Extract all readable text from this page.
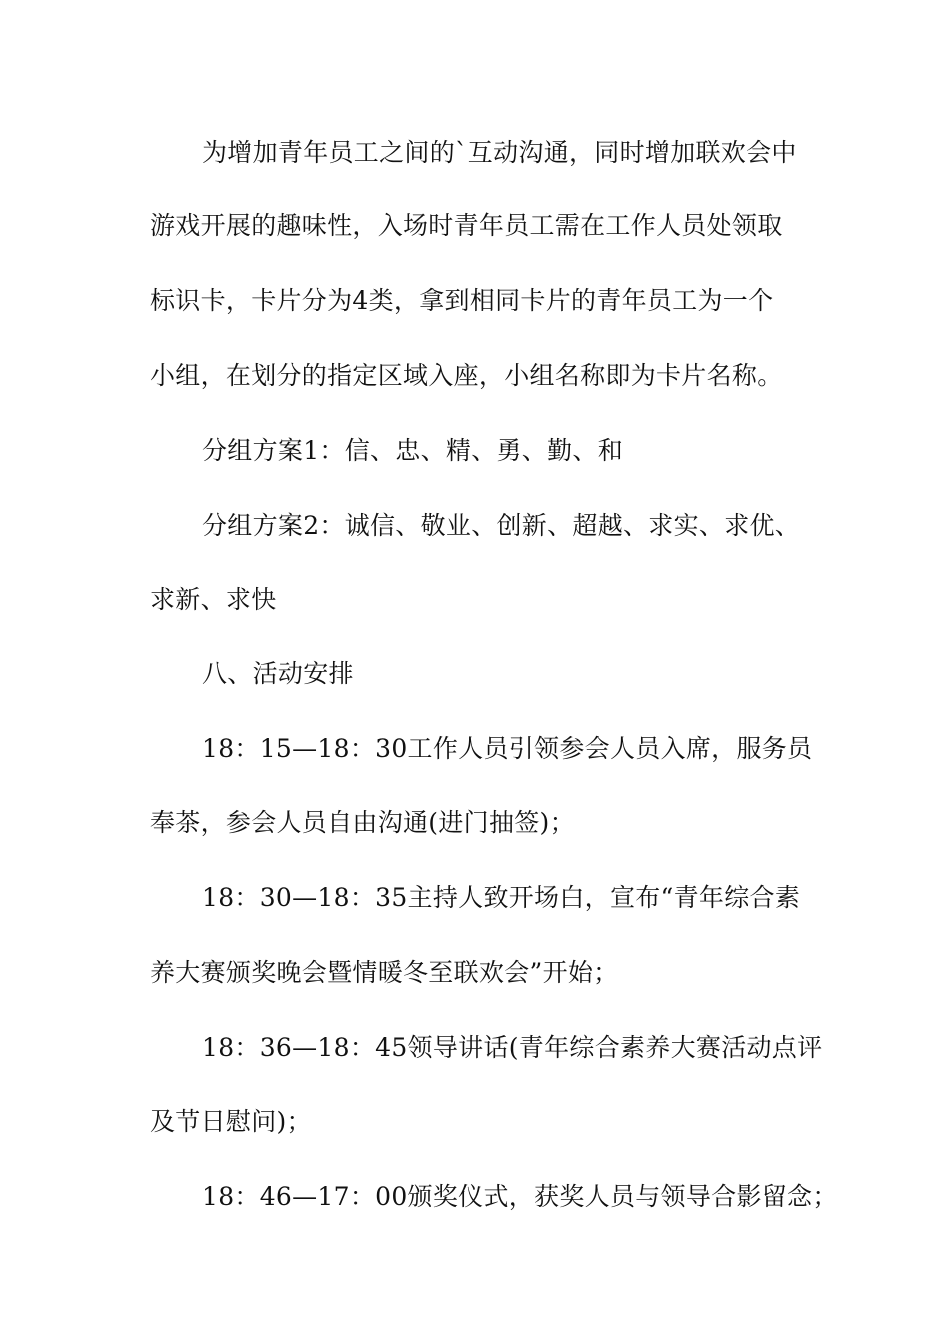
为增加青年员工之间的`互动沟通，同时增加联欢会中
游戏开展的趣味性，入场时青年员工需在工作人员处领取
标识卡，卡片分为4类，拿到相同卡片的青年员工为一个
小组，在划分的指定区域入座，小组名称即为卡片名称。
分组方案1：信、忠、精、勇、勤、和
分组方案2：诚信、敬业、创新、超越、求实、求优、
求新、求快
八、活动安排
18：15—18：30工作人员引领参会人员入席，服务员
奉茶，参会人员自由沟通(进门抽签)；
18：30—18：35主持人致开场白，宣布“青年综合素
养大赛颁奖晚会暨情暖冬至联欢会”开始；
18：36—18：45领导讲话(青年综合素养大赛活动点评
及节日慰问)；
18：46—17：00颁奖仪式，获奖人员与领导合影留念；
